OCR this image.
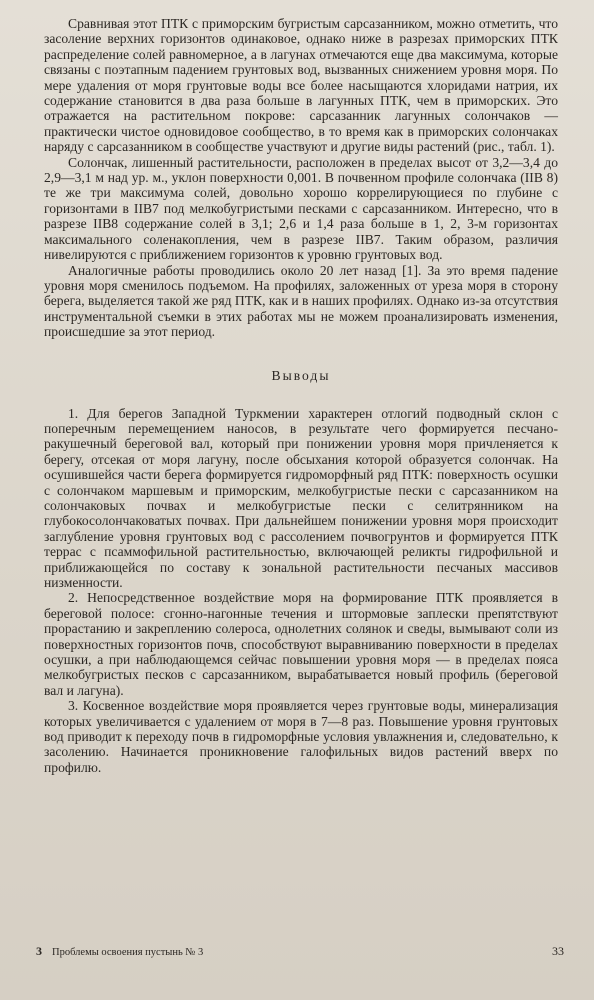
Сравнивая этот ПТК с приморским бугристым сарсазанником, можно отметить, что засоление верхних горизонтов одинаковое, однако ниже в разрезах приморских ПТК распределение солей равномерное, а в лагунах отмечаются еще два максимума, которые связаны с поэтапным падением грунтовых вод, вызванных снижением уровня моря. По мере удаления от моря грунтовые воды все более насыщаются хлоридами натрия, их содержание становится в два раза больше в лагунных ПТК, чем в приморских. Это отражается на растительном покрове: сарсазанник лагунных солончаков — практически чистое одновидовое сообщество, в то время как в приморских солончаках наряду с сарсазанником в сообществе участвуют и другие виды растений (рис., табл. 1).

Солончак, лишенный растительности, расположен в пределах высот от 3,2—3,4 до 2,9—3,1 м над ур. м., уклон поверхности 0,001. В почвенном профиле солончака (IIB 8) те же три максимума солей, довольно хорошо коррелирующиеся по глубине с горизонтами в IIB7 под мелкобугристыми песками с сарсазанником. Интересно, что в разрезе IIB8 содержание солей в 3,1; 2,6 и 1,4 раза больше в 1, 2, 3-м горизонтах максимального соленакопления, чем в разрезе IIB7. Таким образом, различия нивелируются с приближением горизонтов к уровню грунтовых вод.

Аналогичные работы проводились около 20 лет назад [1]. За это время падение уровня моря сменилось подъемом. На профилях, заложенных от уреза моря в сторону берега, выделяется такой же ряд ПТК, как и в наших профилях. Однако из-за отсутствия инструментальной съемки в этих работах мы не можем проанализировать изменения, происшедшие за этот период.

Выводы

1. Для берегов Западной Туркмении характерен отлогий подводный склон с поперечным перемещением наносов, в результате чего формируется песчано-ракушечный береговой вал, который при понижении уровня моря причленяется к берегу, отсекая от моря лагуну, после обсыхания которой образуется солончак. На осушившейся части берега формируется гидроморфный ряд ПТК: поверхность осушки с солончаком маршевым и приморским, мелкобугристые пески с сарсазанником на солончаковых почвах и мелкобугристые пески с селитрянником на глубокосолончаковатых почвах. При дальнейшем понижении уровня моря происходит заглубление уровня грунтовых вод с рассолением почвогрунтов и формируется ПТК террас с псаммофильной растительностью, включающей реликты гидрофильной и приближающейся по составу к зональной растительности песчаных массивов низменности.

2. Непосредственное воздействие моря на формирование ПТК проявляется в береговой полосе: сгонно-нагонные течения и штормовые заплески препятствуют прорастанию и закреплению солероса, однолетних солянок и сведы, вымывают соли из поверхностных горизонтов почв, способствуют выравниванию поверхности в пределах осушки, а при наблюдающемся сейчас повышении уровня моря — в пределах пояса мелкобугристых песков с сарсазанником, вырабатывается новый профиль (береговой вал и лагуна).

3. Косвенное воздействие моря проявляется через грунтовые воды, минерализация которых увеличивается с удалением от моря в 7—8 раз. Повышение уровня грунтовых вод приводит к переходу почв в гидроморфные условия увлажнения и, следовательно, к засолению. Начинается проникновение галофильных видов растений вверх по профилю.

3 Проблемы освоения пустынь № 3	33
